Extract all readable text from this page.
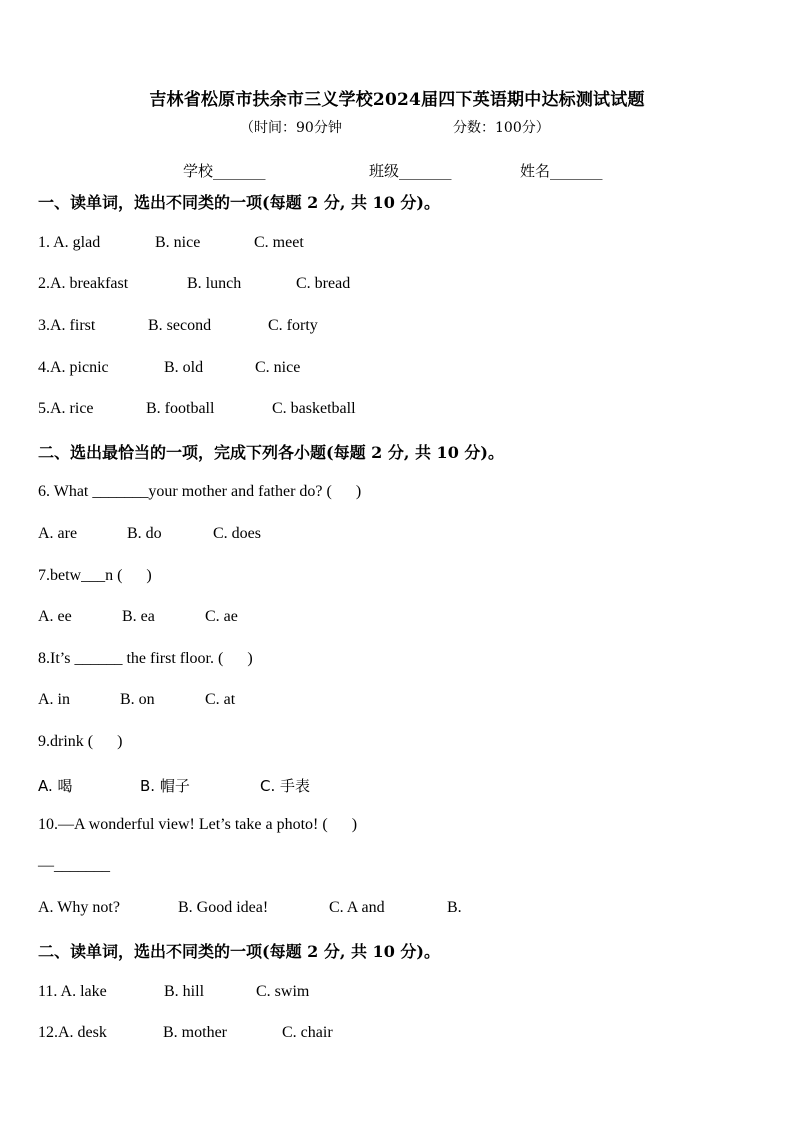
吉林省松原市扶余市三义学校2024届四下英语期中达标测试试题
（时间：90分钟	分数：100分）
学校_______	班级_______	姓名_______
一、读单词，选出不同类的一项(每题 2 分, 共 10 分)。
1. A. glad	B. nice	C. meet
2.A. breakfast	B. lunch	C. bread
3.A. first	B. second	C. forty
4.A. picnic	B. old	C. nice
5.A. rice	B. football	C. basketball
二、选出最恰当的一项，完成下列各小题(每题 2 分, 共 10 分)。
6. What _______your mother and father do? (      )
A. are	B. do	C. does
7.betw___n (      )
A. ee	B. ea	C. ae
8.It’s ______ the first floor. (      )
A. in	B. on	C. at
9.drink (      )
A. 喝	B. 帽子	C. 手表
10.—A wonderful view! Let’s take a photo! (      )
—_______
A. Why not?	B. Good idea!	C. A and	B.
二、读单词，选出不同类的一项(每题 2 分, 共 10 分)。
11. A. lake	B. hill	C. swim
12.A. desk	B. mother	C. chair
